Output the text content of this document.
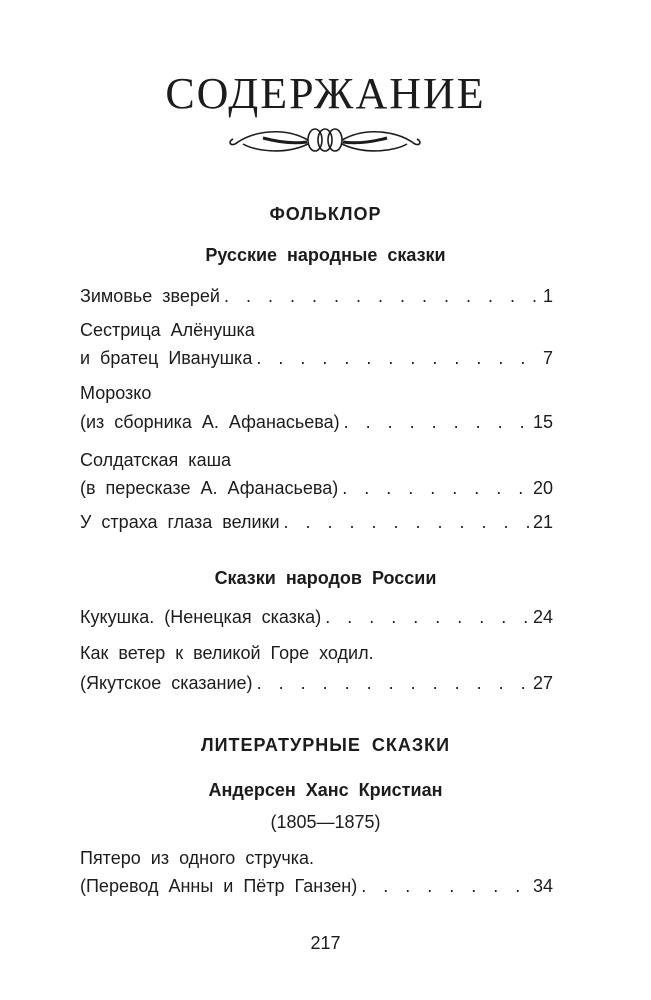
СОДЕРЖАНИЕ
ФОЛЬКЛОР
Русские народные сказки
Зимовье зверей . . .	1
Сестрица Алёнушка
и братец Иванушка . . .	7
Морозко
(из сборника А. Афанасьева) . . .	15
Солдатская каша
(в пересказе А. Афанасьева) . . .	20
У страха глаза велики . . .	21
Сказки народов России
Кукушка. (Ненецкая сказка) . . .	24
Как ветер к великой Горе ходил.
(Якутское сказание) . . .	27
ЛИТЕРАТУРНЫЕ СКАЗКИ
Андерсен Ханс Кристиан
(1805—1875)
Пятеро из одного стручка.
(Перевод Анны и Пётр Ганзен) . . .	34
217
